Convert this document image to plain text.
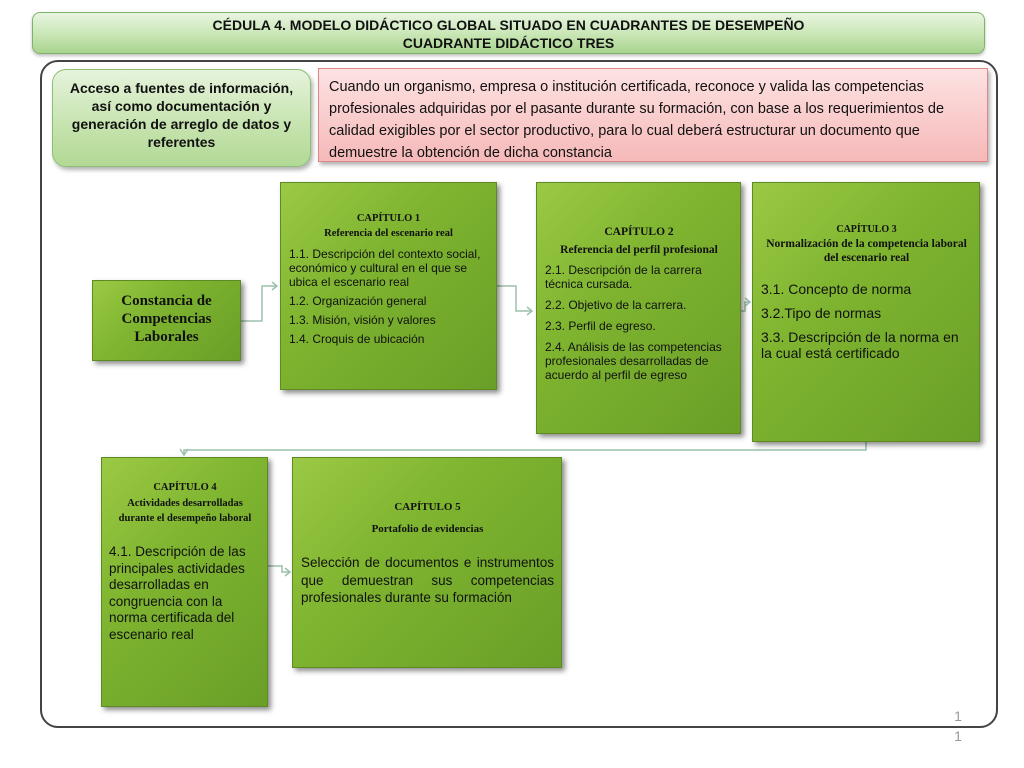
CÉDULA 4. MODELO DIDÁCTICO GLOBAL SITUADO EN CUADRANTES DE DESEMPEÑO
CUADRANTE DIDÁCTICO TRES
Acceso a fuentes de información, así como documentación y generación de arreglo de datos y referentes
Cuando un organismo, empresa o institución certificada, reconoce y valida las competencias profesionales adquiridas por el pasante durante su formación, con base a los requerimientos de calidad exigibles por el sector productivo, para lo cual deberá estructurar un documento que demuestre la obtención de dicha constancia
Constancia de Competencias Laborales
CAPÍTULO 1
Referencia del escenario real
1.1. Descripción del contexto social, económico y cultural en el que se ubica el escenario real
1.2. Organización general
1.3. Misión, visión y valores
1.4. Croquis de ubicación
CAPÍTULO 2
Referencia del perfil profesional
2.1. Descripción de la carrera técnica cursada.
2.2. Objetivo de la carrera.
2.3. Perfil de egreso.
2.4. Análisis de las competencias profesionales desarrolladas de acuerdo al perfil de egreso
CAPÍTULO 3
Normalización de la competencia laboral del escenario real
3.1. Concepto de norma
3.2.Tipo de normas
3.3. Descripción de la norma en la cual está certificado
CAPÍTULO 4
Actividades desarrolladas durante el desempeño laboral
4.1. Descripción de las principales actividades desarrolladas en congruencia con la norma certificada del escenario real
CAPÍTULO 5
Portafolio de evidencias
Selección de documentos e instrumentos que demuestran sus competencias profesionales durante su formación
1 1
